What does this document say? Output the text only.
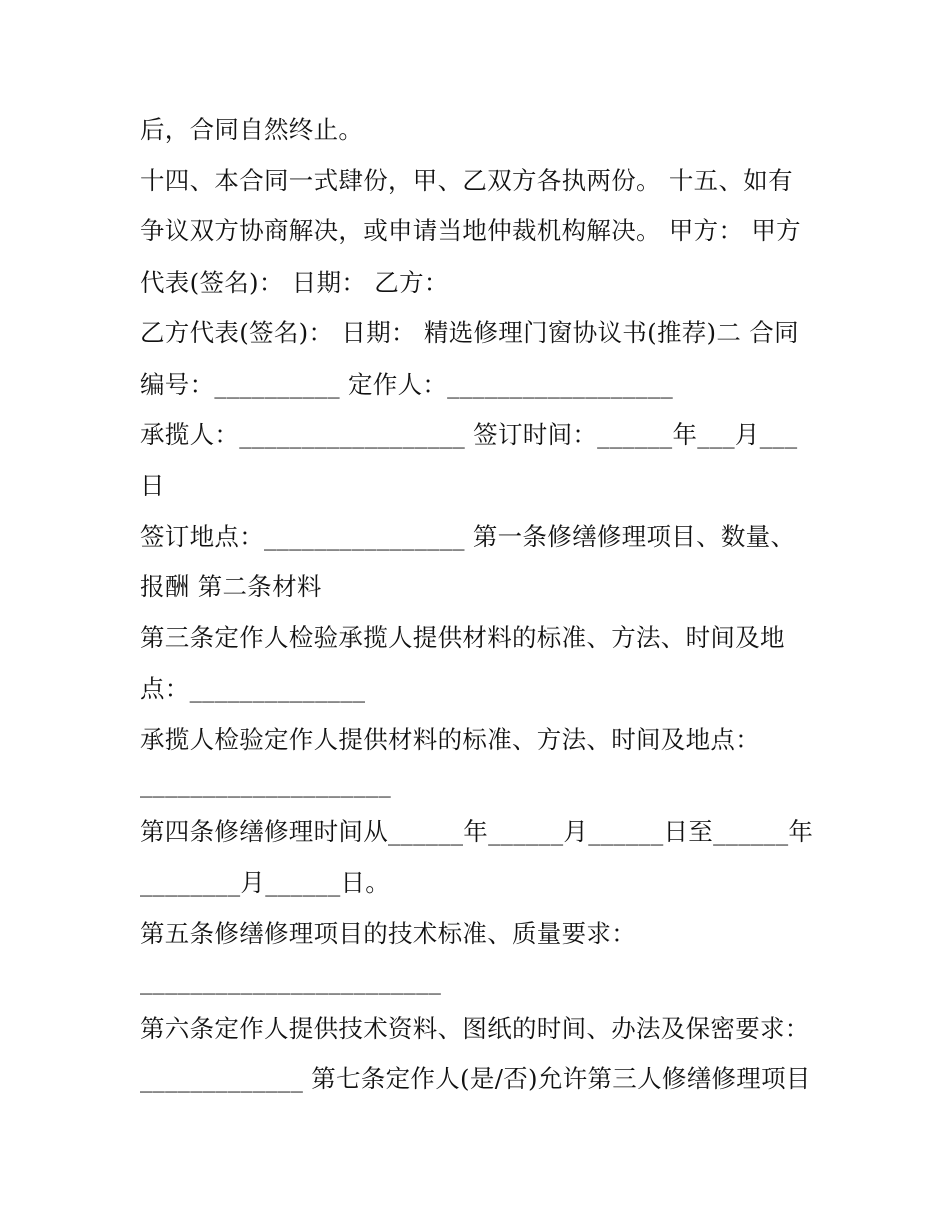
后，合同自然终止。
十四、本合同一式肆份，甲、乙双方各执两份。 十五、如有
争议双方协商解决，或申请当地仲裁机构解决。 甲方： 甲方
代表(签名)： 日期： 乙方：
乙方代表(签名)： 日期： 精选修理门窗协议书(推荐)二 合同
编号：__________ 定作人：__________________
承揽人：__________________ 签订时间：______年___月___
日
签订地点：________________ 第一条修缮修理项目、数量、
报酬 第二条材料
第三条定作人检验承揽人提供材料的标准、方法、时间及地
点：______________
承揽人检验定作人提供材料的标准、方法、时间及地点：
____________________
第四条修缮修理时间从______年______月______日至______年
________月______日。
第五条修缮修理项目的技术标准、质量要求：
________________________
第六条定作人提供技术资料、图纸的时间、办法及保密要求：
_____________ 第七条定作人(是/否)允许第三人修缮修理项目
